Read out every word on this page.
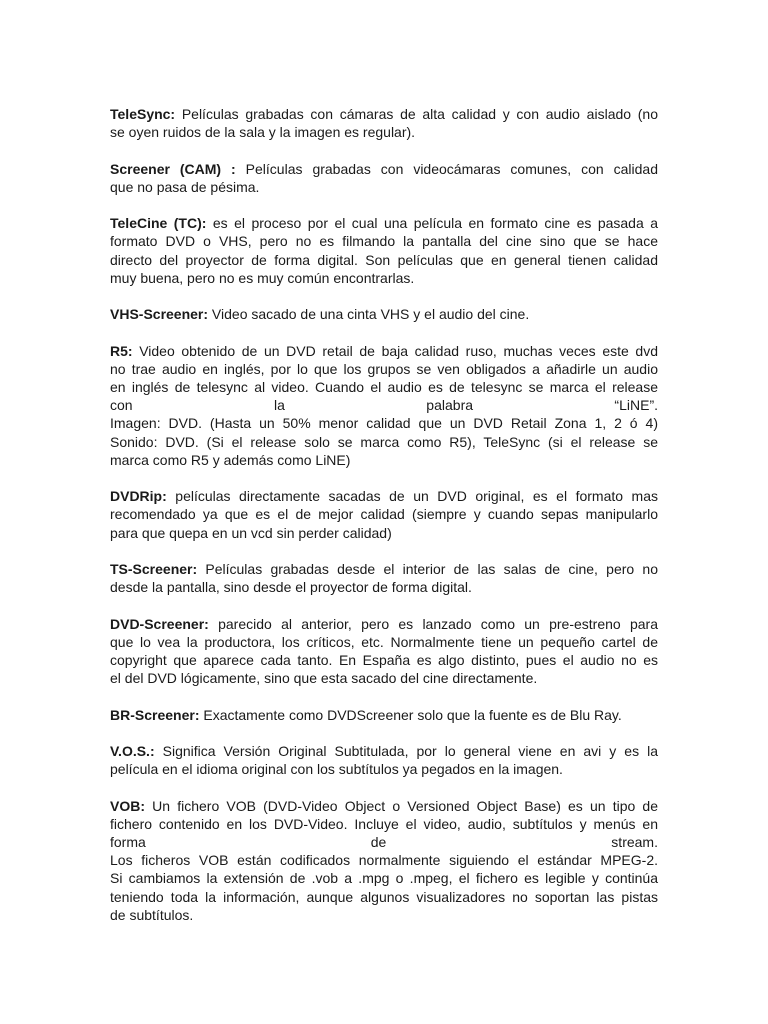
TeleSync: Películas grabadas con cámaras de alta calidad y con audio aislado (no
se oyen ruidos de la sala y la imagen es regular).
Screener (CAM) : Películas grabadas con videocámaras comunes, con calidad
que no pasa de pésima.
TeleCine (TC): es el proceso por el cual una película en formato cine es pasada a
formato DVD o VHS, pero no es filmando la pantalla del cine sino que se hace
directo del proyector de forma digital. Son películas que en general tienen calidad
muy buena, pero no es muy común encontrarlas.
VHS-Screener: Video sacado de una cinta VHS y el audio del cine.
R5: Video obtenido de un DVD retail de baja calidad ruso, muchas veces este dvd
no trae audio en inglés, por lo que los grupos se ven obligados a añadirle un audio
en inglés de telesync al video. Cuando el audio es de telesync se marca el release
con la palabra “LiNE”.
Imagen: DVD. (Hasta un 50% menor calidad que un DVD Retail Zona 1, 2 ó 4)
Sonido: DVD. (Si el release solo se marca como R5), TeleSync (si el release se
marca como R5 y además como LiNE)
DVDRip: películas directamente sacadas de un DVD original, es el formato mas
recomendado ya que es el de mejor calidad (siempre y cuando sepas manipularlo
para que quepa en un vcd sin perder calidad)
TS-Screener: Películas grabadas desde el interior de las salas de cine, pero no
desde la pantalla, sino desde el proyector de forma digital.
DVD-Screener: parecido al anterior, pero es lanzado como un pre-estreno para
que lo vea la productora, los críticos, etc. Normalmente tiene un pequeño cartel de
copyright que aparece cada tanto. En España es algo distinto, pues el audio no es
el del DVD lógicamente, sino que esta sacado del cine directamente.
BR-Screener: Exactamente como DVDScreener solo que la fuente es de Blu Ray.
V.O.S.: Significa Versión Original Subtitulada, por lo general viene en avi y es la
película en el idioma original con los subtítulos ya pegados en la imagen.
VOB: Un fichero VOB (DVD-Video Object o Versioned Object Base) es un tipo de
fichero contenido en los DVD-Video. Incluye el video, audio, subtítulos y menús en
forma de stream.
Los ficheros VOB están codificados normalmente siguiendo el estándar MPEG-2.
Si cambiamos la extensión de .vob a .mpg o .mpeg, el fichero es legible y continúa
teniendo toda la información, aunque algunos visualizadores no soportan las pistas
de subtítulos.
